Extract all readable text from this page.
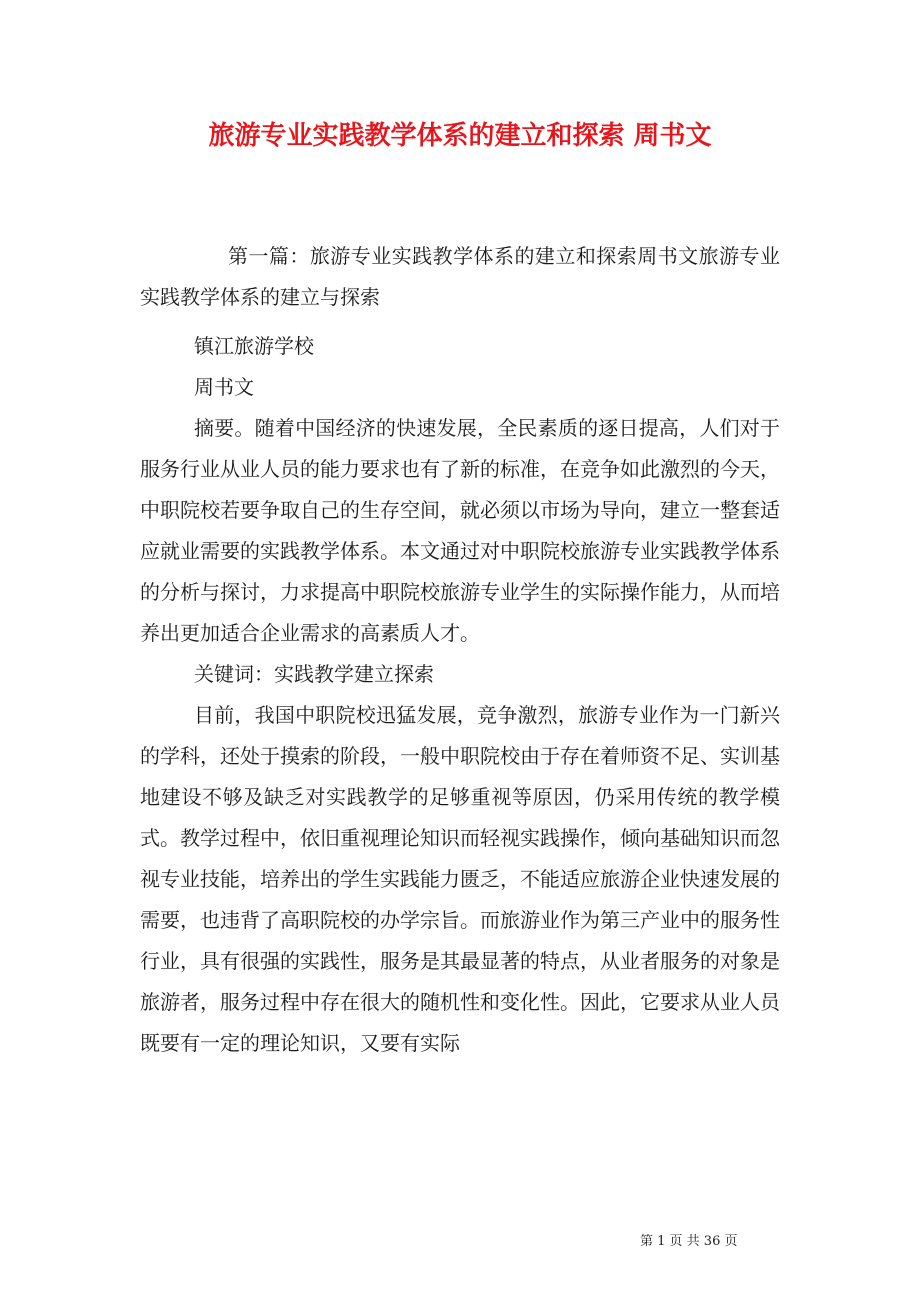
旅游专业实践教学体系的建立和探索 周书文

第一篇：旅游专业实践教学体系的建立和探索周书文旅游专业实践教学体系的建立与探索

镇江旅游学校

周书文

摘要。随着中国经济的快速发展，全民素质的逐日提高，人们对于服务行业从业人员的能力要求也有了新的标准，在竞争如此激烈的今天，中职院校若要争取自己的生存空间，就必须以市场为导向，建立一整套适应就业需要的实践教学体系。本文通过对中职院校旅游专业实践教学体系的分析与探讨，力求提高中职院校旅游专业学生的实际操作能力，从而培养出更加适合企业需求的高素质人才。

关键词：实践教学建立探索

目前，我国中职院校迅猛发展，竞争激烈，旅游专业作为一门新兴的学科，还处于摸索的阶段，一般中职院校由于存在着师资不足、实训基地建设不够及缺乏对实践教学的足够重视等原因，仍采用传统的教学模式。教学过程中，依旧重视理论知识而轻视实践操作，倾向基础知识而忽视专业技能，培养出的学生实践能力匮乏，不能适应旅游企业快速发展的需要，也违背了高职院校的办学宗旨。而旅游业作为第三产业中的服务性行业，具有很强的实践性，服务是其最显著的特点，从业者服务的对象是旅游者，服务过程中存在很大的随机性和变化性。因此，它要求从业人员既要有一定的理论知识，又要有实际

第 1 页 共 36 页
